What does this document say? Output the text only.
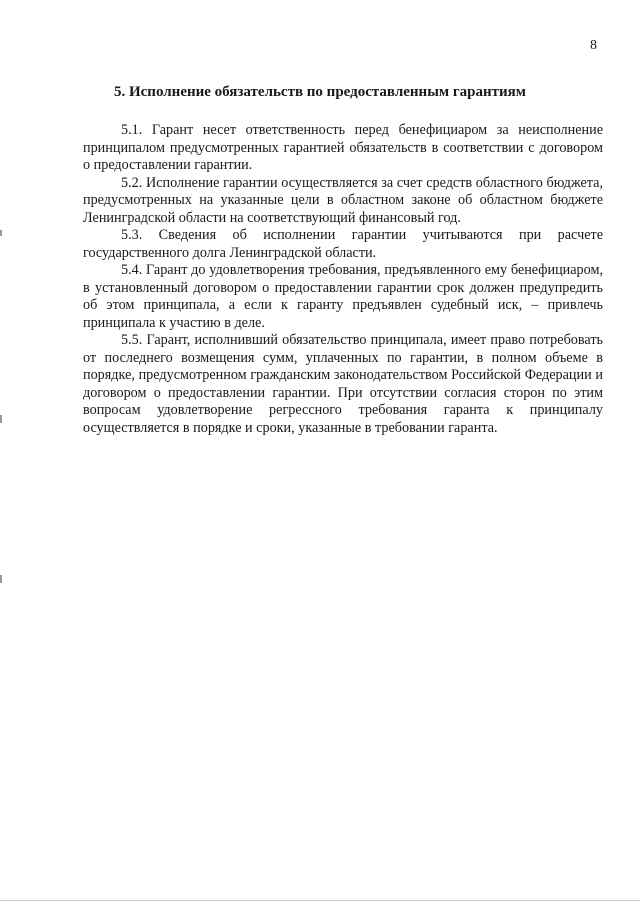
8
5. Исполнение обязательств по предоставленным гарантиям

5.1. Гарант несет ответственность перед бенефициаром за неисполнение принципалом предусмотренных гарантией обязательств в соответствии с договором о предоставлении гарантии.

5.2. Исполнение гарантии осуществляется за счет средств областного бюджета, предусмотренных на указанные цели в областном законе об областном бюджете Ленинградской области на соответствующий финансовый год.

5.3. Сведения об исполнении гарантии учитываются при расчете государственного долга Ленинградской области.

5.4. Гарант до удовлетворения требования, предъявленного ему бенефициаром, в установленный договором о предоставлении гарантии срок должен предупредить об этом принципала, а если к гаранту предъявлен судебный иск, – привлечь принципала к участию в деле.

5.5. Гарант, исполнивший обязательство принципала, имеет право потребовать от последнего возмещения сумм, уплаченных по гарантии, в полном объеме в порядке, предусмотренном гражданским законодательством Российской Федерации и договором о предоставлении гарантии. При отсутствии согласия сторон по этим вопросам удовлетворение регрессного требования гаранта к принципалу осуществляется в порядке и сроки, указанные в требовании гаранта.
